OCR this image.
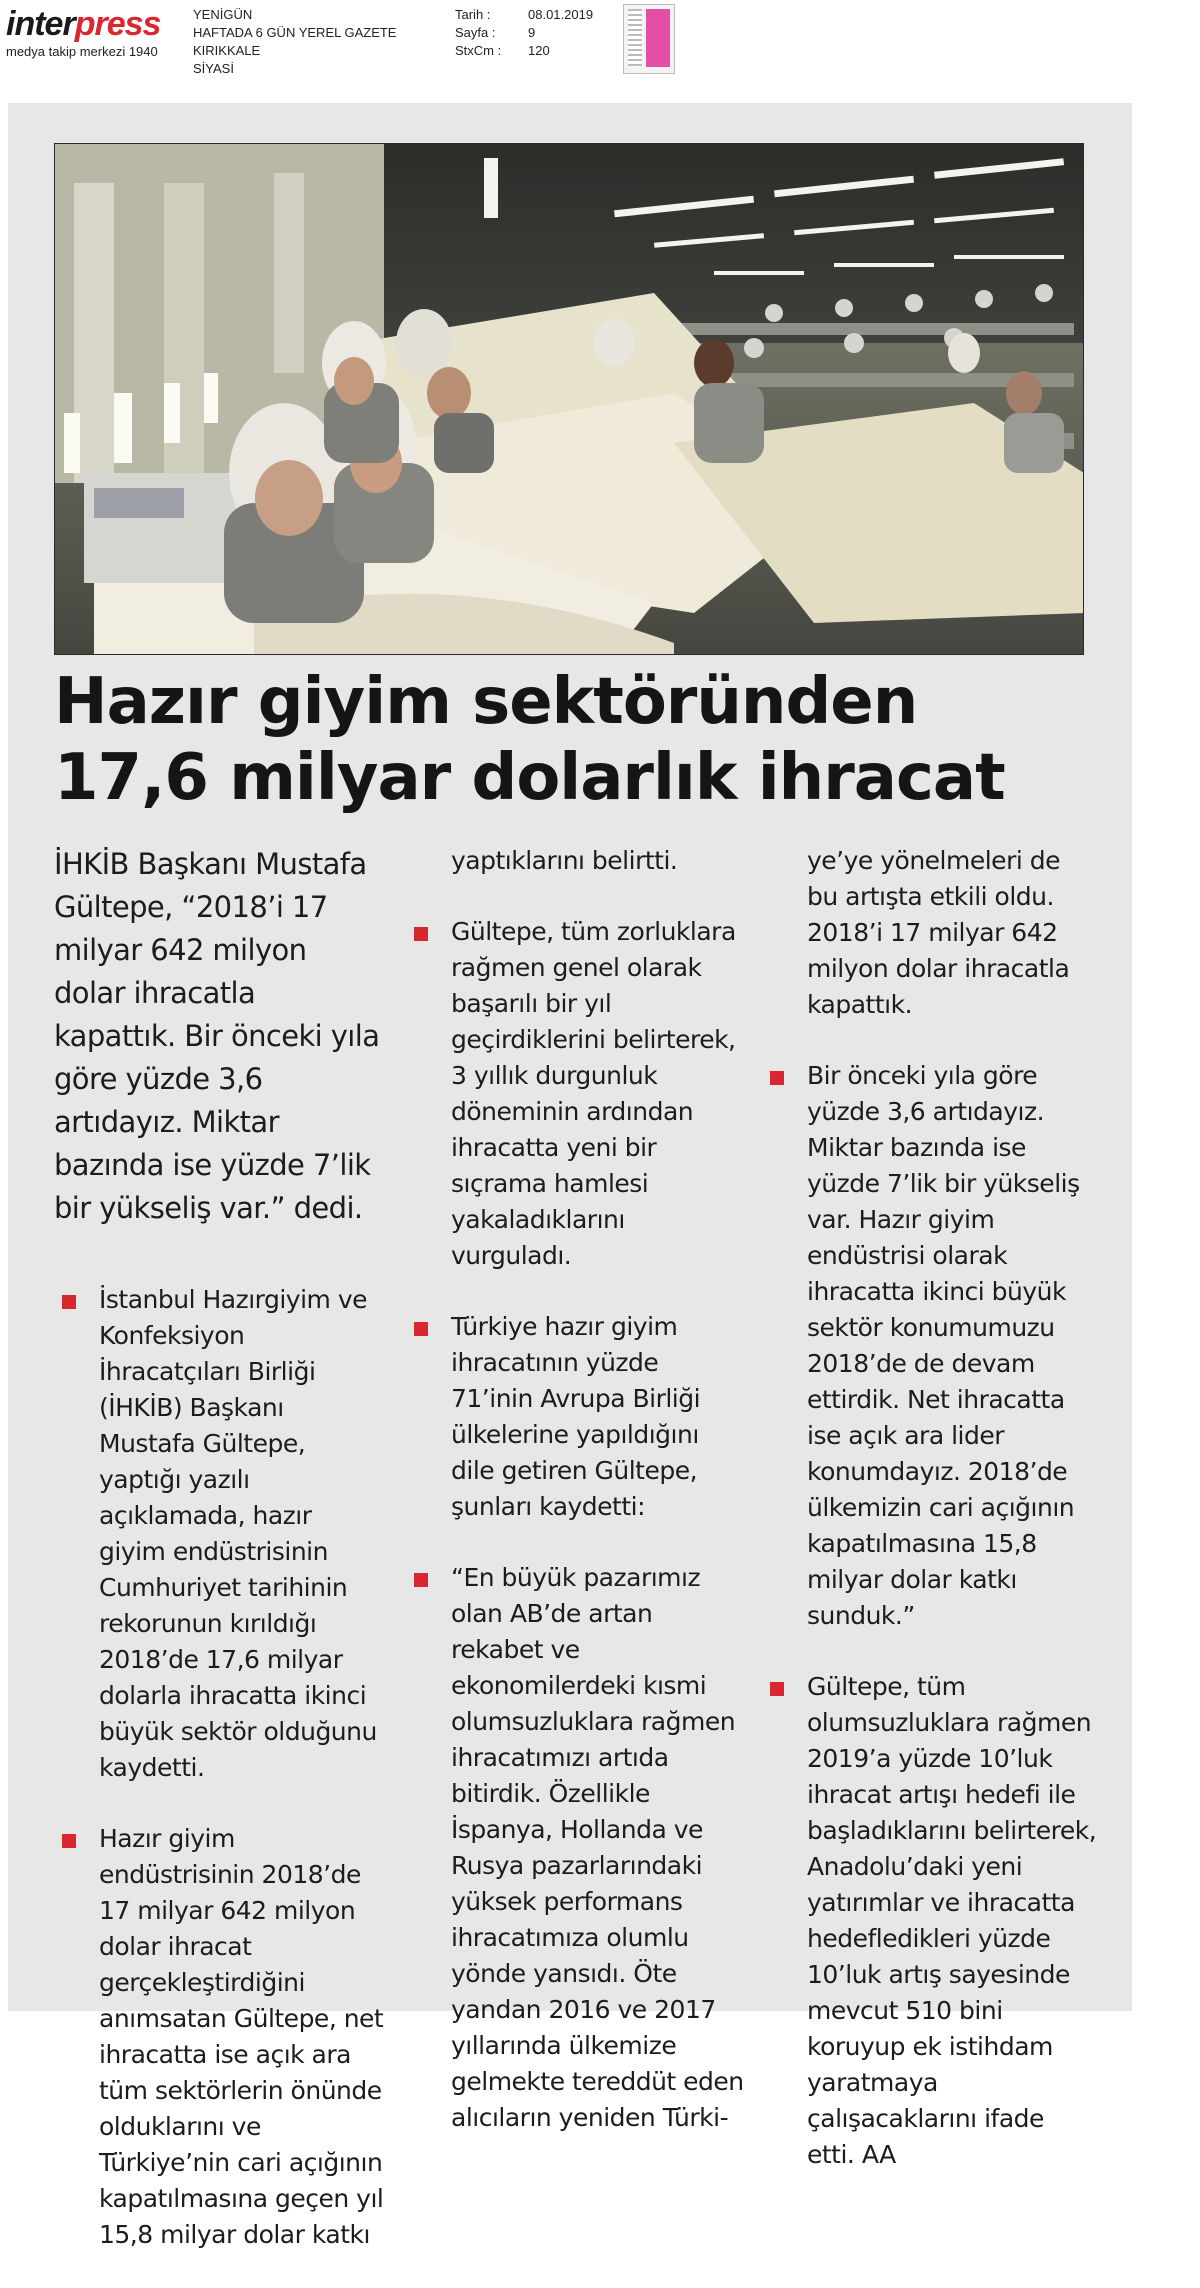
interpress
medya takip merkezi 1940
YENİGÜN
HAFTADA 6 GÜN YEREL GAZETE
KIRIKKALE
SİYASİ
Tarih :
Sayfa :
StxCm :
08.01.2019
9
120
Hazır giyim sektöründen
17,6 milyar dolarlık ihracat

İHKİB Başkanı Mustafa Gültepe, “2018’i 17 milyar 642 milyon dolar ihracatla kapattık. Bir önceki yıla göre yüzde 3,6 artıdayız. Miktar bazında ise yüzde 7’lik bir yükseliş var.” dedi.

İstanbul Hazırgiyim ve Konfeksiyon İhracatçıları Birliği (İHKİB) Başkanı Mustafa Gültepe, yaptığı yazılı açıklamada, hazır giyim endüstrisinin Cumhuriyet tarihinin rekorunun kırıldığı 2018’de 17,6 milyar dolarla ihracatta ikinci büyük sektör olduğunu kaydetti.

Hazır giyim endüstrisinin 2018’de 17 milyar 642 milyon dolar ihracat gerçekleştirdiğini anımsatan Gültepe, net ihracatta ise açık ara tüm sektörlerin önünde olduklarını ve Türkiye’nin cari açığının kapatılmasına geçen yıl 15,8 milyar dolar katkı

yaptıklarını belirtti.

Gültepe, tüm zorluklara rağmen genel olarak başarılı bir yıl geçirdiklerini belirterek, 3 yıllık durgunluk döneminin ardından ihracatta yeni bir sıçrama hamlesi yakaladıklarını vurguladı.

Türkiye hazır giyim ihracatının yüzde 71’inin Avrupa Birliği ülkelerine yapıldığını dile getiren Gültepe, şunları kaydetti:

“En büyük pazarımız olan AB’de artan rekabet ve ekonomilerdeki kısmi olumsuzluklara rağmen ihracatımızı artıda bitirdik. Özellikle İspanya, Hollanda ve Rusya pazarlarındaki yüksek performans ihracatımıza olumlu yönde yansıdı. Öte yandan 2016 ve 2017 yıllarında ülkemize gelmekte tereddüt eden alıcıların yeniden Türki-

ye’ye yönelmeleri de bu artışta etkili oldu. 2018’i 17 milyar 642 milyon dolar ihracatla kapattık.

Bir önceki yıla göre yüzde 3,6 artıdayız. Miktar bazında ise yüzde 7’lik bir yükseliş var. Hazır giyim endüstrisi olarak ihracatta ikinci büyük sektör konumumuzu 2018’de de devam ettirdik. Net ihracatta ise açık ara lider konumdayız. 2018’de ülkemizin cari açığının kapatılmasına 15,8 milyar dolar katkı sunduk.”

Gültepe, tüm olumsuzluklara rağmen 2019’a yüzde 10’luk ihracat artışı hedefi ile başladıklarını belirterek, Anadolu’daki yeni yatırımlar ve ihracatta hedefledikleri yüzde 10’luk artış sayesinde mevcut 510 bini koruyup ek istihdam yaratmaya çalışacaklarını ifade etti. AA
